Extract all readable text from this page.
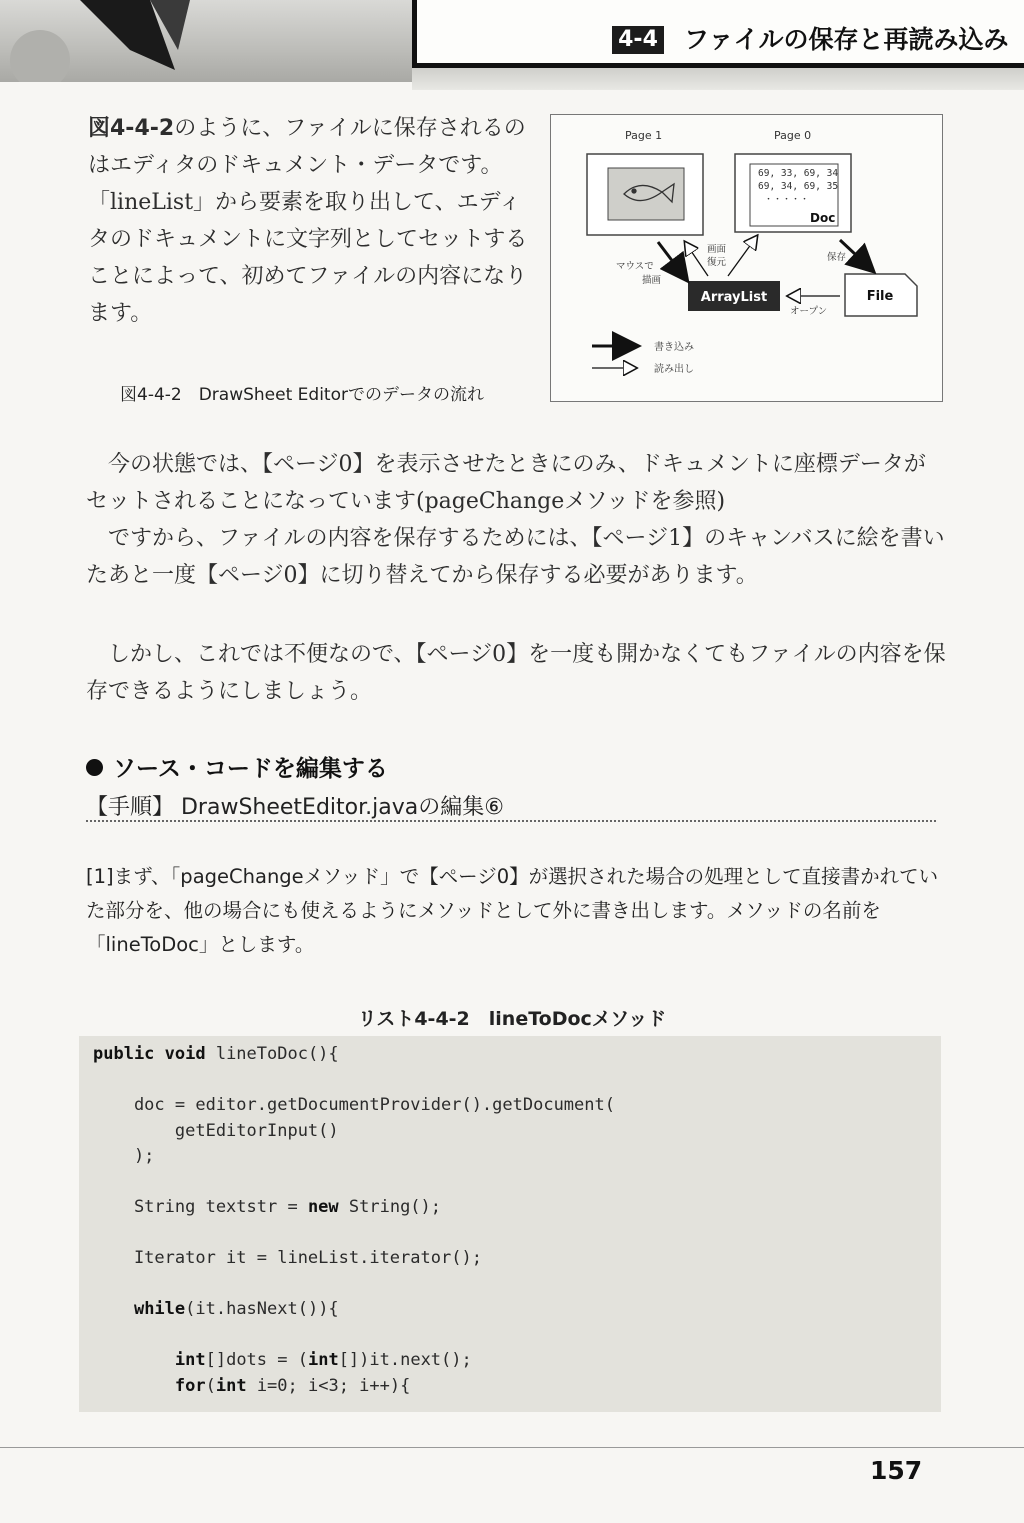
4-4 ファイルの保存と再読み込み
図4-4-2のように、ファイルに保存されるのはエディタのドキュメント・データです。「lineList」から要素を取り出して、エディタのドキュメントに文字列としてセットすることによって、初めてファイルの内容になります。
Page 1	Page 0
69, 33, 69, 34
69, 34, 69, 35
・・・・・
Doc
ArrayList	File
マウスで
描画
画面
復元	保存
オープン
書き込み
読み出し
図4-4-2　DrawSheet Editorでのデータの流れ
今の状態では、【ページ0】を表示させたときにのみ、ドキュメントに座標データがセットされることになっています(pageChangeメソッドを参照)
ですから、ファイルの内容を保存するためには、【ページ1】のキャンバスに絵を書いたあと一度【ページ0】に切り替えてから保存する必要があります。
しかし、これでは不便なので、【ページ0】を一度も開かなくてもファイルの内容を保存できるようにしましょう。
ソース・コードを編集する
【手順】 DrawSheetEditor.javaの編集⑥
[1]まず、「pageChangeメソッド」で【ページ0】が選択された場合の処理として直接書かれていた部分を、他の場合にも使えるようにメソッドとして外に書き出します。メソッドの名前を「lineToDoc」とします。
リスト4-4-2　lineToDocメソッド
public void lineToDoc(){
doc = editor.getDocumentProvider().getDocument(
getEditorInput()
);
String textstr = new String();
Iterator it = lineList.iterator();
while(it.hasNext()){
int[]dots = (int[])it.next();
for(int i=0; i<3; i++){
157
